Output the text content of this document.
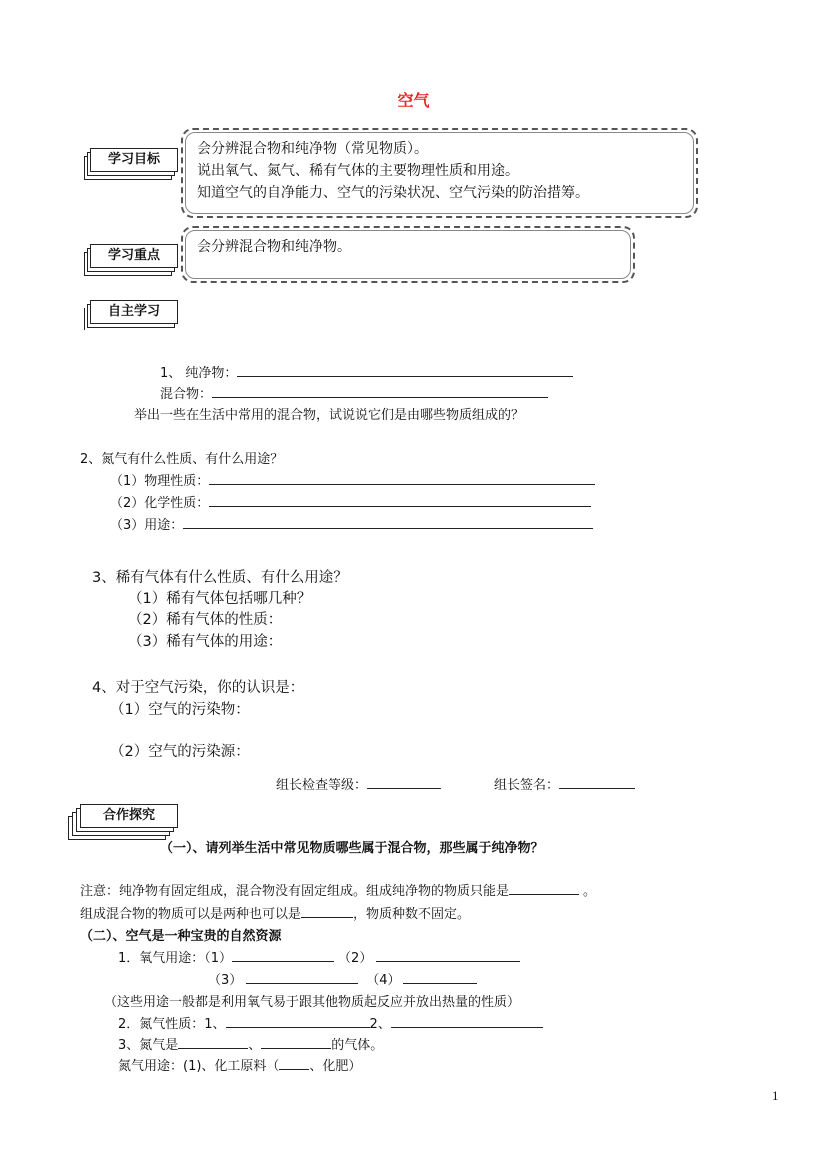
空气
学习目标
会分辨混合物和纯净物（常见物质）。
说出氧气、氮气、稀有气体的主要物理性质和用途。
知道空气的自净能力、空气的污染状况、空气污染的防治措筹。
学习重点
会分辨混合物和纯净物。
自主学习
1、 纯净物：
混合物：
举出一些在生活中常用的混合物，试说说它们是由哪些物质组成的？
2、氮气有什么性质、有什么用途？
（1）物理性质：
（2）化学性质：
（3）用途：
3、稀有气体有什么性质、有什么用途？
（1）稀有气体包括哪几种？
（2）稀有气体的性质：
（3）稀有气体的用途：
4、对于空气污染，你的认识是：
（1）空气的污染物：
（2）空气的污染源：
组长检查等级：	组长签名：
合作探究
（一）、请列举生活中常见物质哪些属于混合物，那些属于纯净物？
注意：纯净物有固定组成，混合物没有固定组成。组成纯净物的物质只能是	。
组成混合物的物质可以是两种也可以是	，物质种数不固定。
（二）、空气是一种宝贵的自然资源
1．氧气用途：（1）	（2）
（3）	（4）
（这些用途一般都是利用氧气易于跟其他物质起反应并放出热量的性质）
2．氮气性质：1、	2、
3、氮气是	、	的气体。
氮气用途：(1)、化工原料（ 、化肥）
1
